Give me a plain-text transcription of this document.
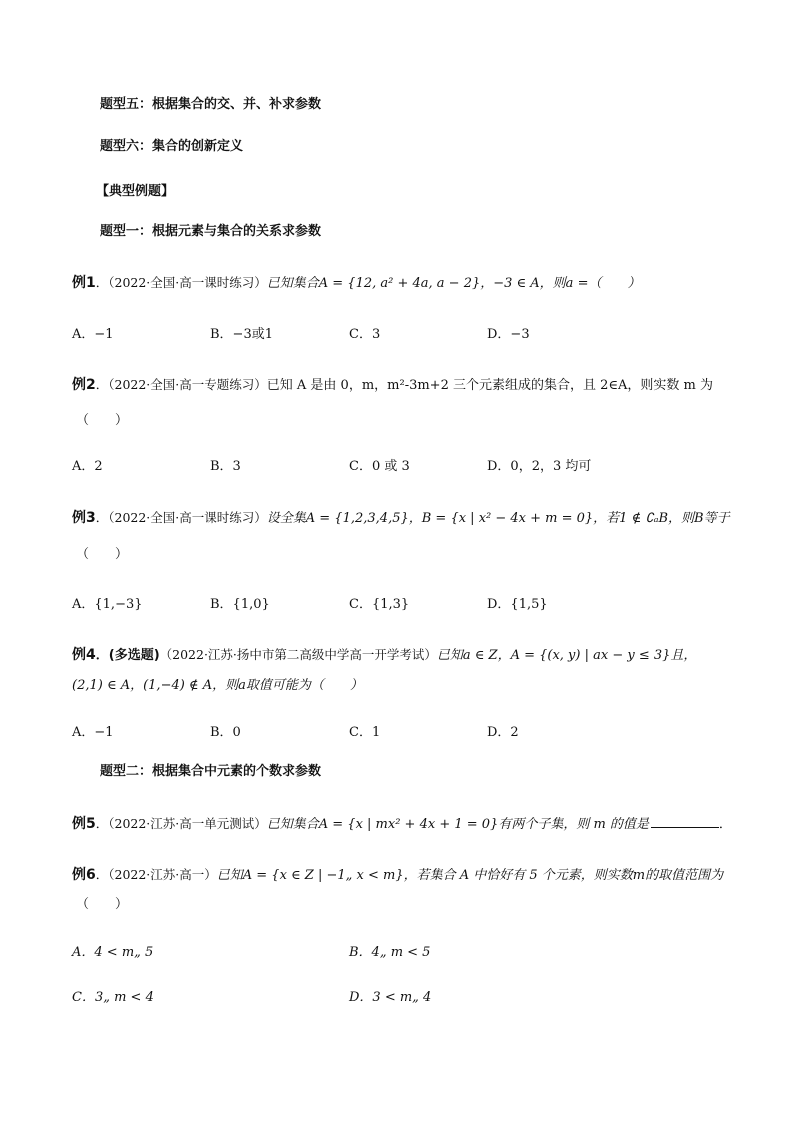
题型五：根据集合的交、并、补求参数
题型六：集合的创新定义
【典型例题】
题型一：根据元素与集合的关系求参数
例1．（2022·全国·高一课时练习）已知集合A = {12, a² + 4a, a − 2}，−3 ∈ A，则a =（　　）
A．−1	B．−3或1	C．3	D．−3
例2．（2022·全国·高一专题练习）已知 A 是由 0，m，m²-3m+2 三个元素组成的集合，且 2∈A，则实数 m 为
（　　）
A．2	B．3	C．0 或 3	D．0，2，3 均可
例3．（2022·全国·高一课时练习）设全集A = {1,2,3,4,5}，B = {x | x² − 4x + m = 0}，若1 ∉ ∁ₐB，则B等于
（　　）
A．{1,−3}	B．{1,0}	C．{1,3}	D．{1,5}
例4．(多选题)（2022·江苏·扬中市第二高级中学高一开学考试）已知a ∈ Z，A = {(x, y) | ax − y ≤ 3}且，
(2,1) ∈ A，(1,−4) ∉ A，则a取值可能为（　　）
A．−1	B．0	C．1	D．2
题型二：根据集合中元素的个数求参数
例5．（2022·江苏·高一单元测试）已知集合A = {x | mx² + 4x + 1 = 0}有两个子集，则 m 的值是	．
例6．（2022·江苏·高一）已知A = {x ∈ Z | −1„ x < m}，若集合 A 中恰好有 5 个元素，则实数m的取值范围为
（　　）
A．4 < m„ 5	B．4„ m < 5
C．3„ m < 4	D．3 < m„ 4
